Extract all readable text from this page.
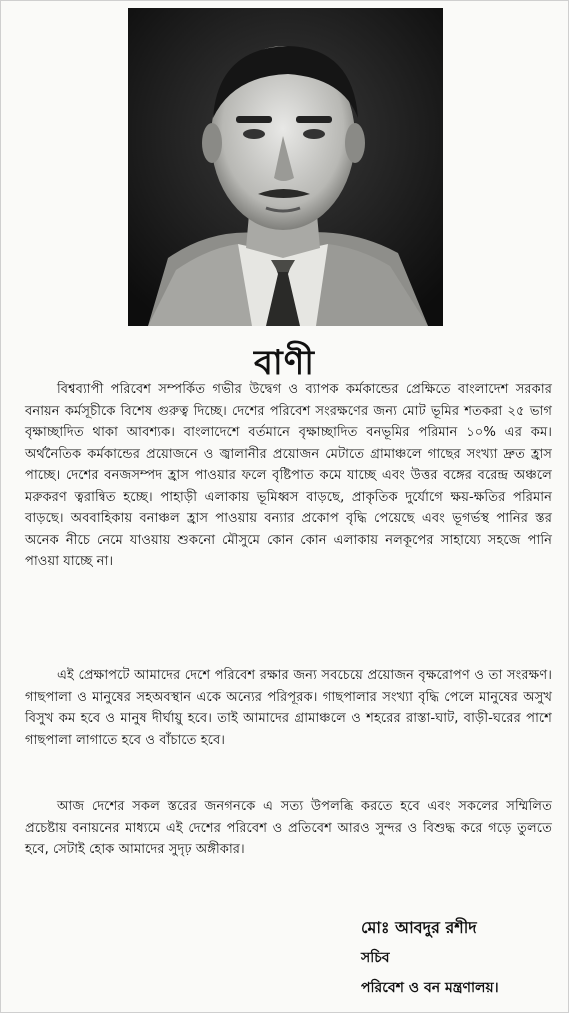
বাণী

বিশ্বব্যাপী পরিবেশ সম্পর্কিত গভীর উদ্বেগ ও ব্যাপক কর্মকান্ডের প্রেক্ষিতে বাংলাদেশ সরকার বনায়ন কর্মসূচীকে বিশেষ গুরুত্ব দিচ্ছে। দেশের পরিবেশ সংরক্ষণের জন্য মোট ভূমির শতকরা ২৫ ভাগ বৃক্ষাচ্ছাদিত থাকা আবশ্যক। বাংলাদেশে বর্তমানে বৃক্ষাচ্ছাদিত বনভূমির পরিমান ১০% এর কম। অর্থনৈতিক কর্মকান্ডের প্রয়োজনে ও জ্বালানীর প্রয়োজন মেটাতে গ্রামাঞ্চলে গাছের সংখ্যা দ্রুত হ্রাস পাচ্ছে। দেশের বনজসম্পদ হ্রাস পাওয়ার ফলে বৃষ্টিপাত কমে যাচ্ছে এবং উত্তর বঙ্গের বরেন্দ্র অঞ্চলে মরুকরণ ত্বরান্বিত হচ্ছে। পাহাড়ী এলাকায় ভূমিধ্বস বাড়ছে, প্রাকৃতিক দুর্যোগে ক্ষয়-ক্ষতির পরিমান বাড়ছে। অববাহিকায় বনাঞ্চল হ্রাস পাওয়ায় বন্যার প্রকোপ বৃদ্ধি পেয়েছে এবং ভূগর্ভস্থ পানির স্তর অনেক নীচে নেমে যাওয়ায় শুকনো মৌসুমে কোন কোন এলাকায় নলকূপের সাহায্যে সহজে পানি পাওয়া যাচ্ছে না।

এই প্রেক্ষাপটে আমাদের দেশে পরিবেশ রক্ষার জন্য সবচেয়ে প্রয়োজন বৃক্ষরোপণ ও তা সংরক্ষণ। গাছপালা ও মানুষের সহঅবস্থান একে অন্যের পরিপূরক। গাছপালার সংখ্যা বৃদ্ধি পেলে মানুষের অসুখ বিসুখ কম হবে ও মানুষ দীর্ঘায়ু হবে। তাই আমাদের গ্রামাঞ্চলে ও শহরের রাস্তা-ঘাট, বাড়ী-ঘরের পাশে গাছপালা লাগাতে হবে ও বাঁচাতে হবে।

আজ দেশের সকল স্তরের জনগনকে এ সত্য উপলব্ধি করতে হবে এবং সকলের সম্মিলিত প্রচেষ্টায় বনায়নের মাধ্যমে এই দেশের পরিবেশ ও প্রতিবেশ আরও সুন্দর ও বিশুদ্ধ করে গড়ে তুলতে হবে, সেটাই হোক আমাদের সুদৃঢ় অঙ্গীকার।

মোঃ আবদুর রশীদ
সচিব
পরিবেশ ও বন মন্ত্রণালয়।
